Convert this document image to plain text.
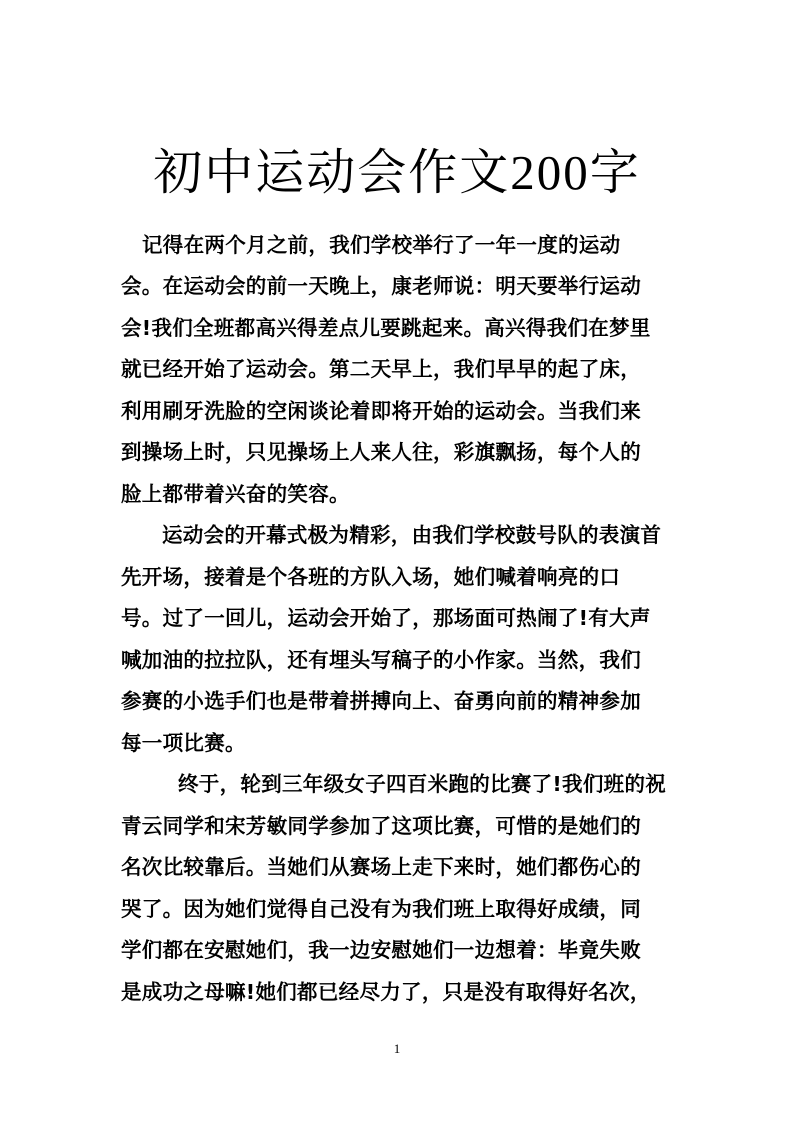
初中运动会作文200字
记得在两个月之前，我们学校举行了一年一度的运动
会。在运动会的前一天晚上，康老师说：明天要举行运动
会!我们全班都高兴得差点儿要跳起来。高兴得我们在梦里
就已经开始了运动会。第二天早上，我们早早的起了床，
利用刷牙洗脸的空闲谈论着即将开始的运动会。当我们来
到操场上时，只见操场上人来人往，彩旗飘扬，每个人的
脸上都带着兴奋的笑容。
运动会的开幕式极为精彩，由我们学校鼓号队的表演首
先开场，接着是个各班的方队入场，她们喊着响亮的口
号。过了一回儿，运动会开始了，那场面可热闹了!有大声
喊加油的拉拉队，还有埋头写稿子的小作家。当然，我们
参赛的小选手们也是带着拼搏向上、奋勇向前的精神参加
每一项比赛。
终于，轮到三年级女子四百米跑的比赛了!我们班的祝
青云同学和宋芳敏同学参加了这项比赛，可惜的是她们的
名次比较靠后。当她们从赛场上走下来时，她们都伤心的
哭了。因为她们觉得自己没有为我们班上取得好成绩，同
学们都在安慰她们，我一边安慰她们一边想着：毕竟失败
是成功之母嘛!她们都已经尽力了，只是没有取得好名次，
1
